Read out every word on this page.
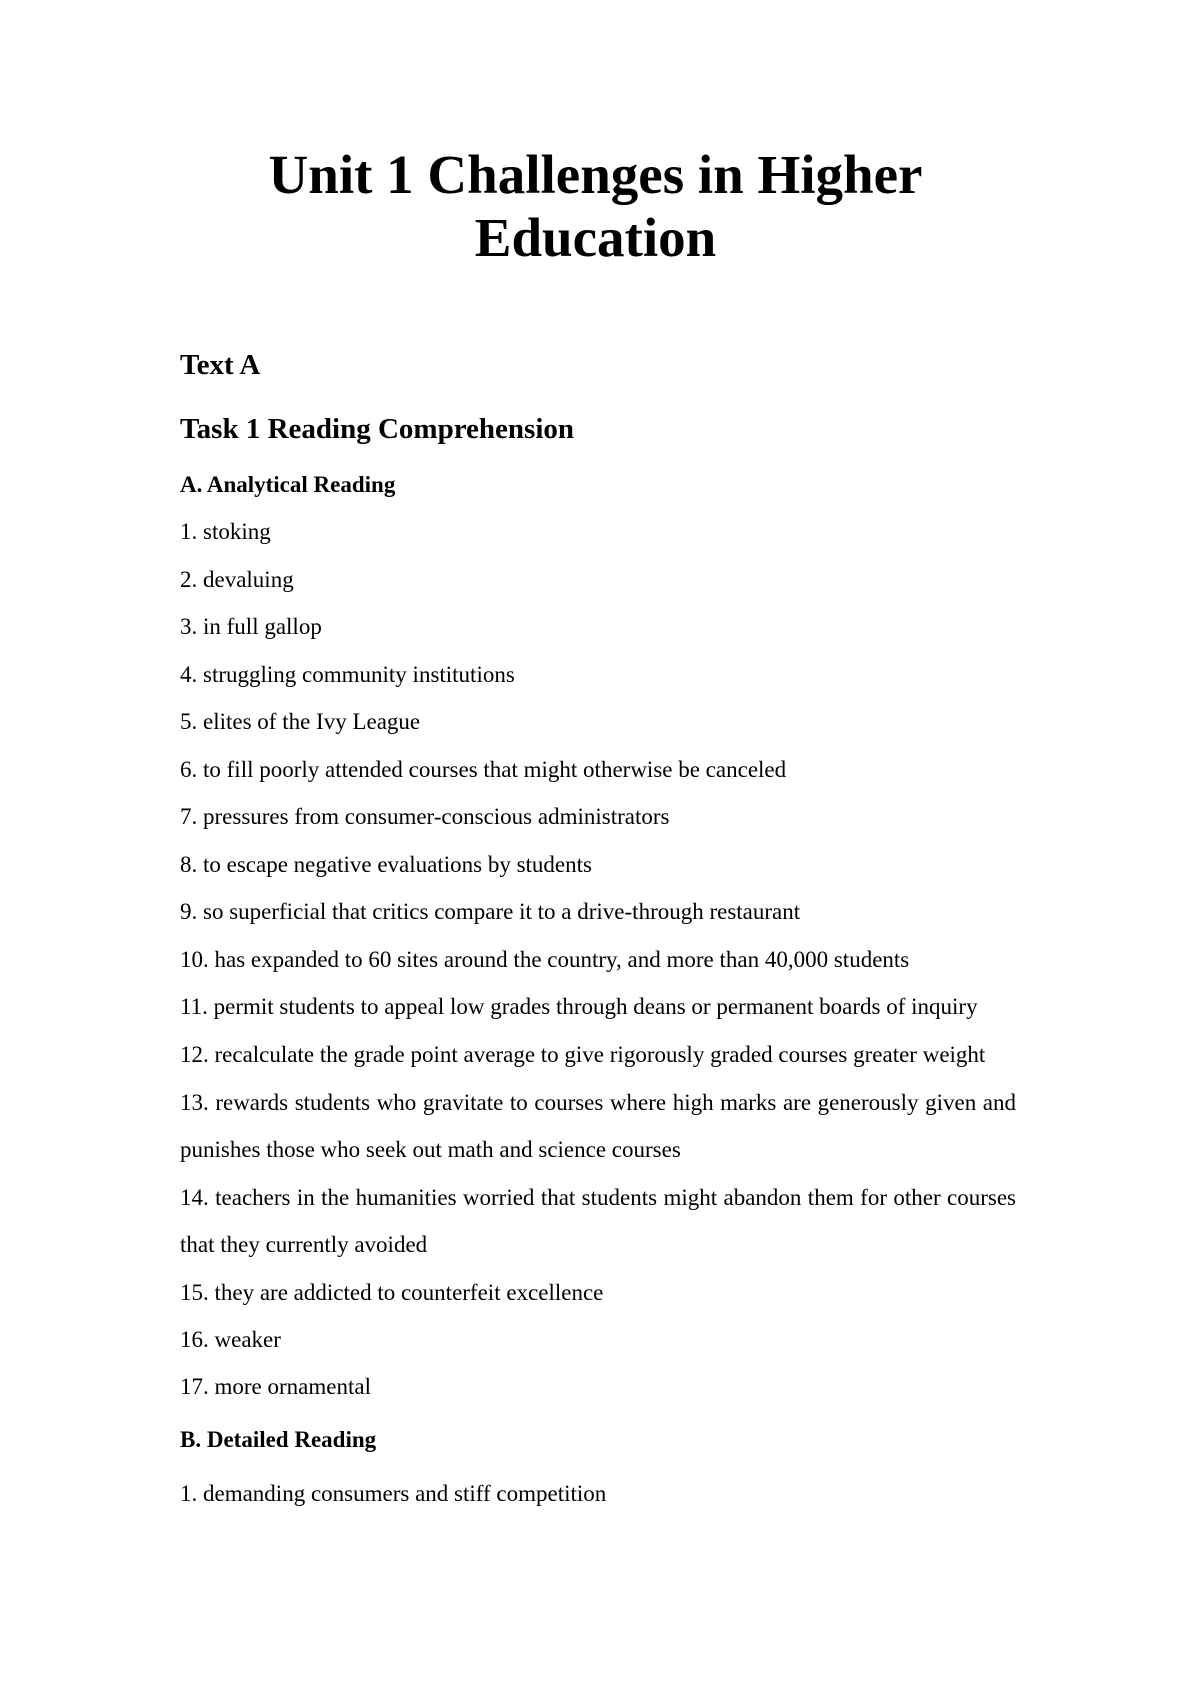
Unit 1 Challenges in Higher Education
Text A
Task 1 Reading Comprehension
A. Analytical Reading

1. stoking

2. devaluing

3. in full gallop

4. struggling community institutions

5. elites of the Ivy League

6. to fill poorly attended courses that might otherwise be canceled

7. pressures from consumer-conscious administrators

8. to escape negative evaluations by students

9. so superficial that critics compare it to a drive-through restaurant

10. has expanded to 60 sites around the country, and more than 40,000 students

11. permit students to appeal low grades through deans or permanent boards of inquiry

12. recalculate the grade point average to give rigorously graded courses greater weight

13. rewards students who gravitate to courses where high marks are generously given and punishes those who seek out math and science courses

14. teachers in the humanities worried that students might abandon them for other courses that they currently avoided

15. they are addicted to counterfeit excellence

16. weaker

17. more ornamental

B. Detailed Reading

1. demanding consumers and stiff competition
